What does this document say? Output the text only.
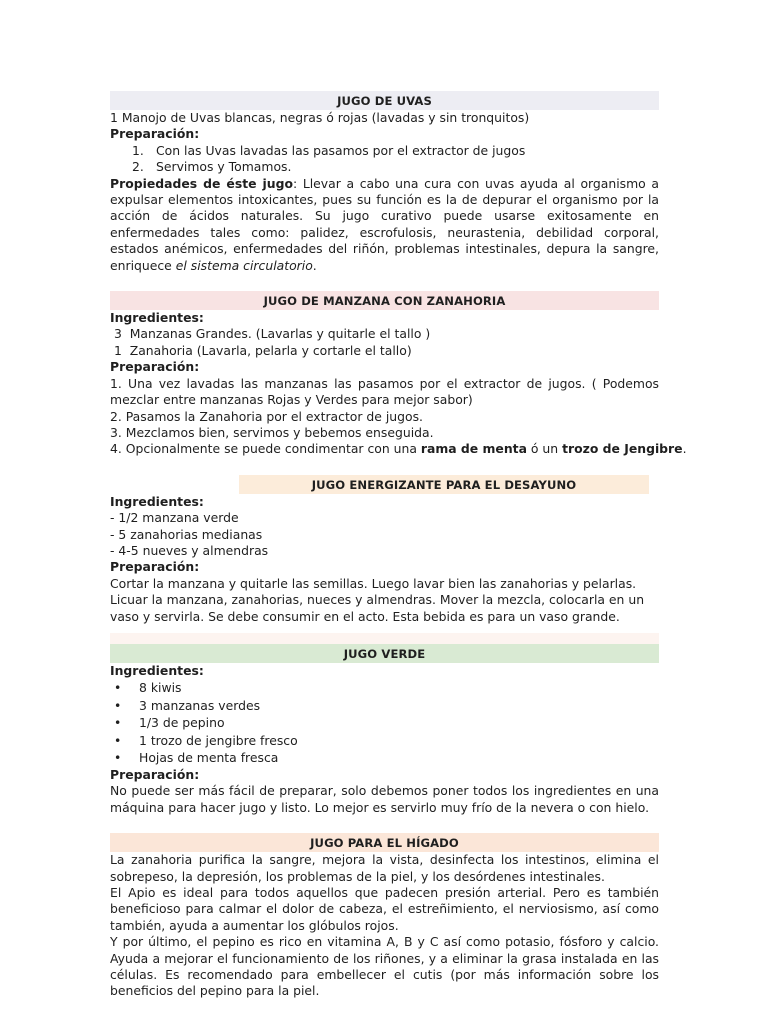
JUGO DE UVAS
1 Manojo de Uvas blancas, negras ó rojas (lavadas y sin tronquitos)
Preparación:
1. Con las Uvas lavadas las pasamos por el extractor de jugos
2. Servimos y Tomamos.
Propiedades de éste jugo: Llevar a cabo una cura con uvas ayuda al organismo a expulsar elementos intoxicantes, pues su función es la de depurar el organismo por la acción de ácidos naturales. Su jugo curativo puede usarse exitosamente en enfermedades tales como: palidez, escrofulosis, neurastenia, debilidad corporal, estados anémicos, enfermedades del riñón, problemas intestinales, depura la sangre, enriquece el sistema circulatorio.
JUGO DE MANZANA CON ZANAHORIA
Ingredientes:
3  Manzanas Grandes. (Lavarlas y quitarle el tallo )
1  Zanahoria (Lavarla, pelarla y cortarle el tallo)
Preparación:
1. Una vez lavadas las manzanas las pasamos por el extractor de jugos. ( Podemos mezclar entre manzanas Rojas y Verdes para mejor sabor)
2. Pasamos la Zanahoria por el extractor de jugos.
3. Mezclamos bien, servimos y bebemos enseguida.
4. Opcionalmente se puede condimentar con una rama de menta ó un trozo de Jengibre.
JUGO ENERGIZANTE PARA EL DESAYUNO
Ingredientes:
- 1/2 manzana verde
- 5 zanahorias medianas
- 4-5 nueves y almendras
Preparación:
Cortar la manzana y quitarle las semillas. Luego lavar bien las zanahorias y pelarlas. Licuar la manzana, zanahorias, nueces y almendras. Mover la mezcla, colocarla en un vaso y servirla. Se debe consumir en el acto. Esta bebida es para un vaso grande.
JUGO VERDE
Ingredientes:
• 8 kiwis
• 3 manzanas verdes
• 1/3 de pepino
• 1 trozo de jengibre fresco
• Hojas de menta fresca
Preparación:
No puede ser más fácil de preparar, solo debemos poner todos los ingredientes en una máquina para hacer jugo y listo. Lo mejor es servirlo muy frío de la nevera o con hielo.
JUGO PARA EL HÍGADO
La zanahoria purifica la sangre, mejora la vista, desinfecta los intestinos, elimina el sobrepeso, la depresión, los problemas de la piel, y los desórdenes intestinales.
El Apio es ideal para todos aquellos que padecen presión arterial. Pero es también beneficioso para calmar el dolor de cabeza, el estreñimiento, el nerviosismo, así como también, ayuda a aumentar los glóbulos rojos.
Y por último, el pepino es rico en vitamina A, B y C así como potasio, fósforo y calcio. Ayuda a mejorar el funcionamiento de los riñones, y a eliminar la grasa instalada en las células. Es recomendado para embellecer el cutis (por más información sobre los beneficios del pepino para la piel.
